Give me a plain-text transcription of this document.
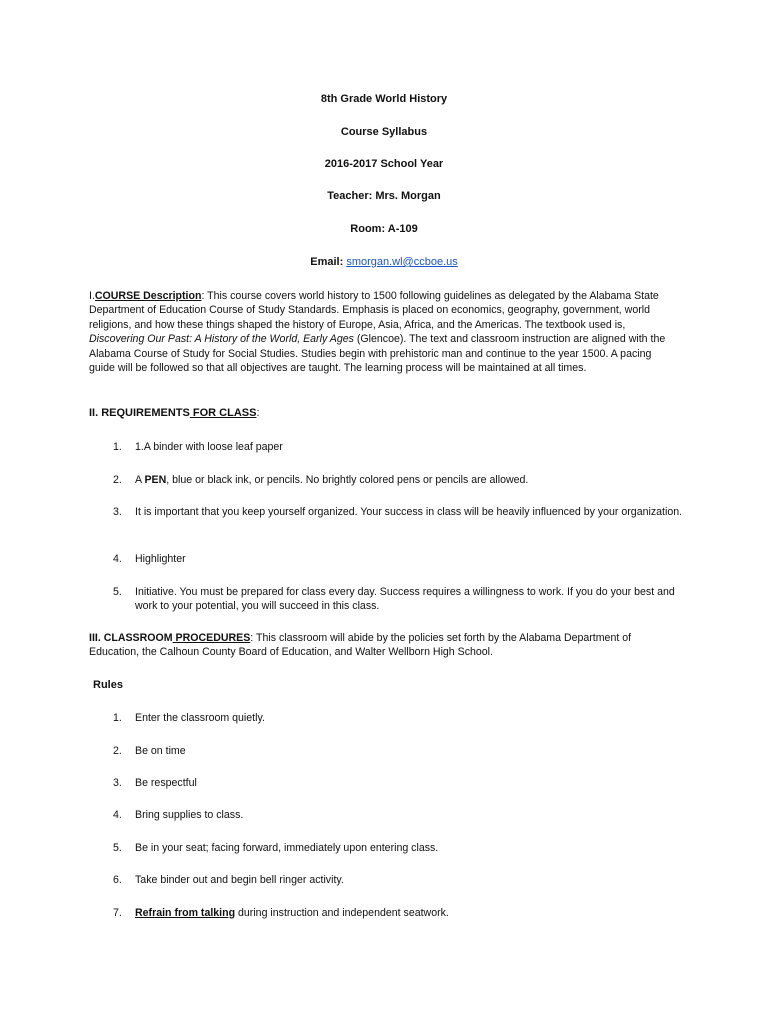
8th Grade World History
Course Syllabus
2016-2017 School Year
Teacher: Mrs. Morgan
Room: A-109
Email: smorgan.wl@ccboe.us
I.COURSE Description: This course covers world history to 1500 following guidelines as delegated by the Alabama State Department of Education Course of Study Standards. Emphasis is placed on economics, geography, government, world religions, and how these things shaped the history of Europe, Asia, Africa, and the Americas. The textbook used is, Discovering Our Past: A History of the World, Early Ages (Glencoe). The text and classroom instruction are aligned with the Alabama Course of Study for Social Studies. Studies begin with prehistoric man and continue to the year 1500. A pacing guide will be followed so that all objectives are taught. The learning process will be maintained at all times.
II. REQUIREMENTS FOR CLASS:
1.	1.A binder with loose leaf paper
2.	A PEN, blue or black ink, or pencils. No brightly colored pens or pencils are allowed.
3.	It is important that you keep yourself organized. Your success in class will be heavily influenced by your organization.
4.	Highlighter
5.	Initiative. You must be prepared for class every day. Success requires a willingness to work. If you do your best and work to your potential, you will succeed in this class.
III. CLASSROOM PROCEDURES: This classroom will abide by the policies set forth by the Alabama Department of Education, the Calhoun County Board of Education, and Walter Wellborn High School.
Rules
1.	Enter the classroom quietly.
2.	Be on time
3.	Be respectful
4.	Bring supplies to class.
5.	Be in your seat; facing forward, immediately upon entering class.
6.	Take binder out and begin bell ringer activity.
7.	Refrain from talking during instruction and independent seatwork.
